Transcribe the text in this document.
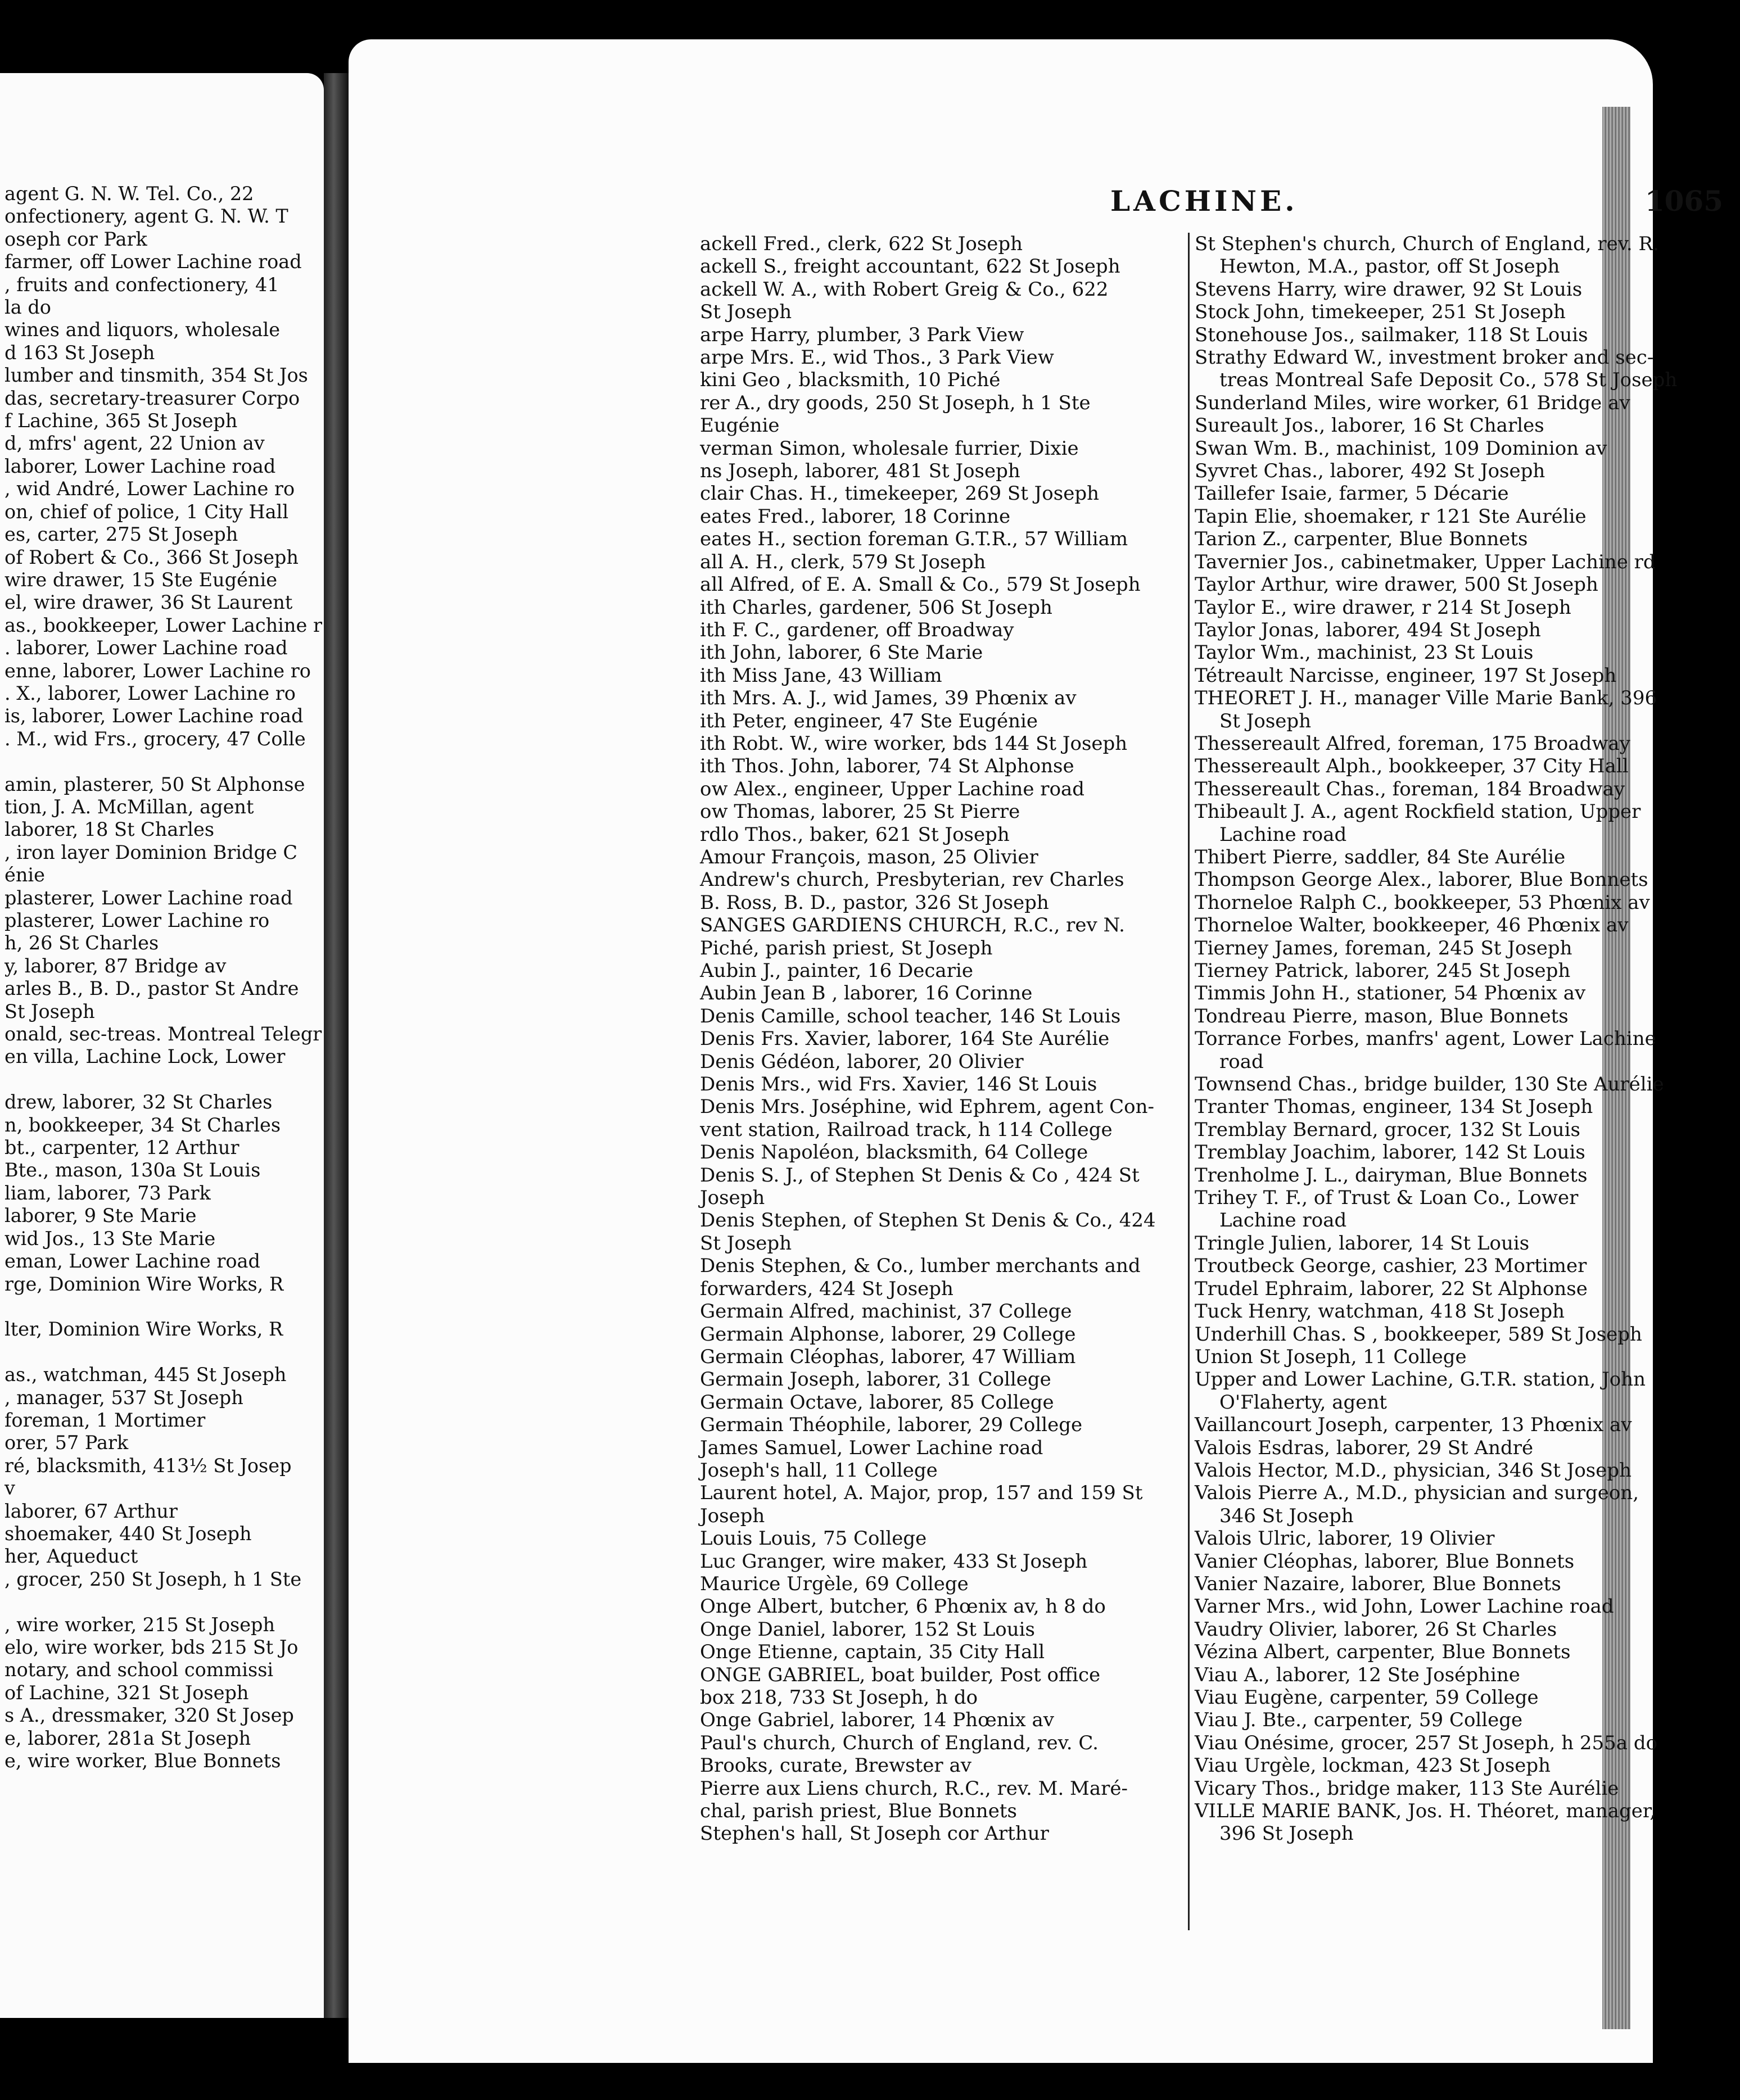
agent G. N. W. Tel. Co., 22
onfectionery, agent G. N. W. T
oseph cor Park
farmer, off Lower Lachine road
, fruits and confectionery, 41
la do
wines and liquors, wholesale
d 163 St Joseph
lumber and tinsmith, 354 St Jos
das, secretary-treasurer Corpo
f Lachine, 365 St Joseph
d, mfrs' agent, 22 Union av
laborer, Lower Lachine road
, wid André, Lower Lachine ro
on, chief of police, 1 City Hall
es, carter, 275 St Joseph
of Robert & Co., 366 St Joseph
wire drawer, 15 Ste Eugénie
el, wire drawer, 36 St Laurent
as., bookkeeper, Lower Lachine r
. laborer, Lower Lachine road
enne, laborer, Lower Lachine ro
. X., laborer, Lower Lachine ro
is, laborer, Lower Lachine road
. M., wid Frs., grocery, 47 Colle

amin, plasterer, 50 St Alphonse
tion, J. A. McMillan, agent
laborer, 18 St Charles
, iron layer Dominion Bridge C
énie
plasterer, Lower Lachine road
plasterer, Lower Lachine ro
h, 26 St Charles
y, laborer, 87 Bridge av
arles B., B. D., pastor St Andre
St Joseph
onald, sec-treas. Montreal Telegr
en villa, Lachine Lock, Lower

drew, laborer, 32 St Charles
n, bookkeeper, 34 St Charles
bt., carpenter, 12 Arthur
Bte., mason, 130a St Louis
liam, laborer, 73 Park
laborer, 9 Ste Marie
wid Jos., 13 Ste Marie
eman, Lower Lachine road
rge, Dominion Wire Works, R

lter, Dominion Wire Works, R

as., watchman, 445 St Joseph
, manager, 537 St Joseph
foreman, 1 Mortimer
orer, 57 Park
ré, blacksmith, 413½ St Josep
v
laborer, 67 Arthur
shoemaker, 440 St Joseph
her, Aqueduct
, grocer, 250 St Joseph, h 1 Ste

, wire worker, 215 St Joseph
elo, wire worker, bds 215 St Jo
notary, and school commissi
of Lachine, 321 St Joseph
s A., dressmaker, 320 St Josep
e, laborer, 281a St Joseph
e, wire worker, Blue Bonnets
LACHINE.	1065
ackell Fred., clerk, 622 St Joseph
ackell S., freight accountant, 622 St Joseph
ackell W. A., with Robert Greig & Co., 622
St Joseph
arpe Harry, plumber, 3 Park View
arpe Mrs. E., wid Thos., 3 Park View
kini Geo , blacksmith, 10 Piché
rer A., dry goods, 250 St Joseph, h 1 Ste
Eugénie
verman Simon, wholesale furrier, Dixie
ns Joseph, laborer, 481 St Joseph
clair Chas. H., timekeeper, 269 St Joseph
eates Fred., laborer, 18 Corinne
eates H., section foreman G.T.R., 57 William
all A. H., clerk, 579 St Joseph
all Alfred, of E. A. Small & Co., 579 St Joseph
ith Charles, gardener, 506 St Joseph
ith F. C., gardener, off Broadway
ith John, laborer, 6 Ste Marie
ith Miss Jane, 43 William
ith Mrs. A. J., wid James, 39 Phœnix av
ith Peter, engineer, 47 Ste Eugénie
ith Robt. W., wire worker, bds 144 St Joseph
ith Thos. John, laborer, 74 St Alphonse
ow Alex., engineer, Upper Lachine road
ow Thomas, laborer, 25 St Pierre
rdlo Thos., baker, 621 St Joseph
Amour François, mason, 25 Olivier
Andrew's church, Presbyterian, rev Charles
B. Ross, B. D., pastor, 326 St Joseph
SANGES GARDIENS CHURCH, R.C., rev N.
Piché, parish priest, St Joseph
Aubin J., painter, 16 Decarie
Aubin Jean B , laborer, 16 Corinne
Denis Camille, school teacher, 146 St Louis
Denis Frs. Xavier, laborer, 164 Ste Aurélie
Denis Gédéon, laborer, 20 Olivier
Denis Mrs., wid Frs. Xavier, 146 St Louis
Denis Mrs. Joséphine, wid Ephrem, agent Con-
vent station, Railroad track, h 114 College
Denis Napoléon, blacksmith, 64 College
Denis S. J., of Stephen St Denis & Co , 424 St
Joseph
Denis Stephen, of Stephen St Denis & Co., 424
St Joseph
Denis Stephen, & Co., lumber merchants and
forwarders, 424 St Joseph
Germain Alfred, machinist, 37 College
Germain Alphonse, laborer, 29 College
Germain Cléophas, laborer, 47 William
Germain Joseph, laborer, 31 College
Germain Octave, laborer, 85 College
Germain Théophile, laborer, 29 College
James Samuel, Lower Lachine road
Joseph's hall, 11 College
Laurent hotel, A. Major, prop, 157 and 159 St
Joseph
Louis Louis, 75 College
Luc Granger, wire maker, 433 St Joseph
Maurice Urgèle, 69 College
Onge Albert, butcher, 6 Phœnix av, h 8 do
Onge Daniel, laborer, 152 St Louis
Onge Etienne, captain, 35 City Hall
ONGE GABRIEL, boat builder, Post office
box 218, 733 St Joseph, h do
Onge Gabriel, laborer, 14 Phœnix av
Paul's church, Church of England, rev. C.
Brooks, curate, Brewster av
Pierre aux Liens church, R.C., rev. M. Maré-
chal, parish priest, Blue Bonnets
Stephen's hall, St Joseph cor Arthur
St Stephen's church, Church of England, rev. R.
Hewton, M.A., pastor, off St Joseph
Stevens Harry, wire drawer, 92 St Louis
Stock John, timekeeper, 251 St Joseph
Stonehouse Jos., sailmaker, 118 St Louis
Strathy Edward W., investment broker and sec-
treas Montreal Safe Deposit Co., 578 St Joseph
Sunderland Miles, wire worker, 61 Bridge av
Sureault Jos., laborer, 16 St Charles
Swan Wm. B., machinist, 109 Dominion av
Syvret Chas., laborer, 492 St Joseph
Taillefer Isaie, farmer, 5 Décarie
Tapin Elie, shoemaker, r 121 Ste Aurélie
Tarion Z., carpenter, Blue Bonnets
Tavernier Jos., cabinetmaker, Upper Lachine rd
Taylor Arthur, wire drawer, 500 St Joseph
Taylor E., wire drawer, r 214 St Joseph
Taylor Jonas, laborer, 494 St Joseph
Taylor Wm., machinist, 23 St Louis
Tétreault Narcisse, engineer, 197 St Joseph
THEORET J. H., manager Ville Marie Bank, 396
St Joseph
Thessereault Alfred, foreman, 175 Broadway
Thessereault Alph., bookkeeper, 37 City Hall
Thessereault Chas., foreman, 184 Broadway
Thibeault J. A., agent Rockfield station, Upper
Lachine road
Thibert Pierre, saddler, 84 Ste Aurélie
Thompson George Alex., laborer, Blue Bonnets
Thorneloe Ralph C., bookkeeper, 53 Phœnix av
Thorneloe Walter, bookkeeper, 46 Phœnix av
Tierney James, foreman, 245 St Joseph
Tierney Patrick, laborer, 245 St Joseph
Timmis John H., stationer, 54 Phœnix av
Tondreau Pierre, mason, Blue Bonnets
Torrance Forbes, manfrs' agent, Lower Lachine
road
Townsend Chas., bridge builder, 130 Ste Aurélie
Tranter Thomas, engineer, 134 St Joseph
Tremblay Bernard, grocer, 132 St Louis
Tremblay Joachim, laborer, 142 St Louis
Trenholme J. L., dairyman, Blue Bonnets
Trihey T. F., of Trust & Loan Co., Lower
Lachine road
Tringle Julien, laborer, 14 St Louis
Troutbeck George, cashier, 23 Mortimer
Trudel Ephraim, laborer, 22 St Alphonse
Tuck Henry, watchman, 418 St Joseph
Underhill Chas. S , bookkeeper, 589 St Joseph
Union St Joseph, 11 College
Upper and Lower Lachine, G.T.R. station, John
O'Flaherty, agent
Vaillancourt Joseph, carpenter, 13 Phœnix av
Valois Esdras, laborer, 29 St André
Valois Hector, M.D., physician, 346 St Joseph
Valois Pierre A., M.D., physician and surgeon,
346 St Joseph
Valois Ulric, laborer, 19 Olivier
Vanier Cléophas, laborer, Blue Bonnets
Vanier Nazaire, laborer, Blue Bonnets
Varner Mrs., wid John, Lower Lachine road
Vaudry Olivier, laborer, 26 St Charles
Vézina Albert, carpenter, Blue Bonnets
Viau A., laborer, 12 Ste Joséphine
Viau Eugène, carpenter, 59 College
Viau J. Bte., carpenter, 59 College
Viau Onésime, grocer, 257 St Joseph, h 255a do
Viau Urgèle, lockman, 423 St Joseph
Vicary Thos., bridge maker, 113 Ste Aurélie
VILLE MARIE BANK, Jos. H. Théoret, manager,
396 St Joseph
